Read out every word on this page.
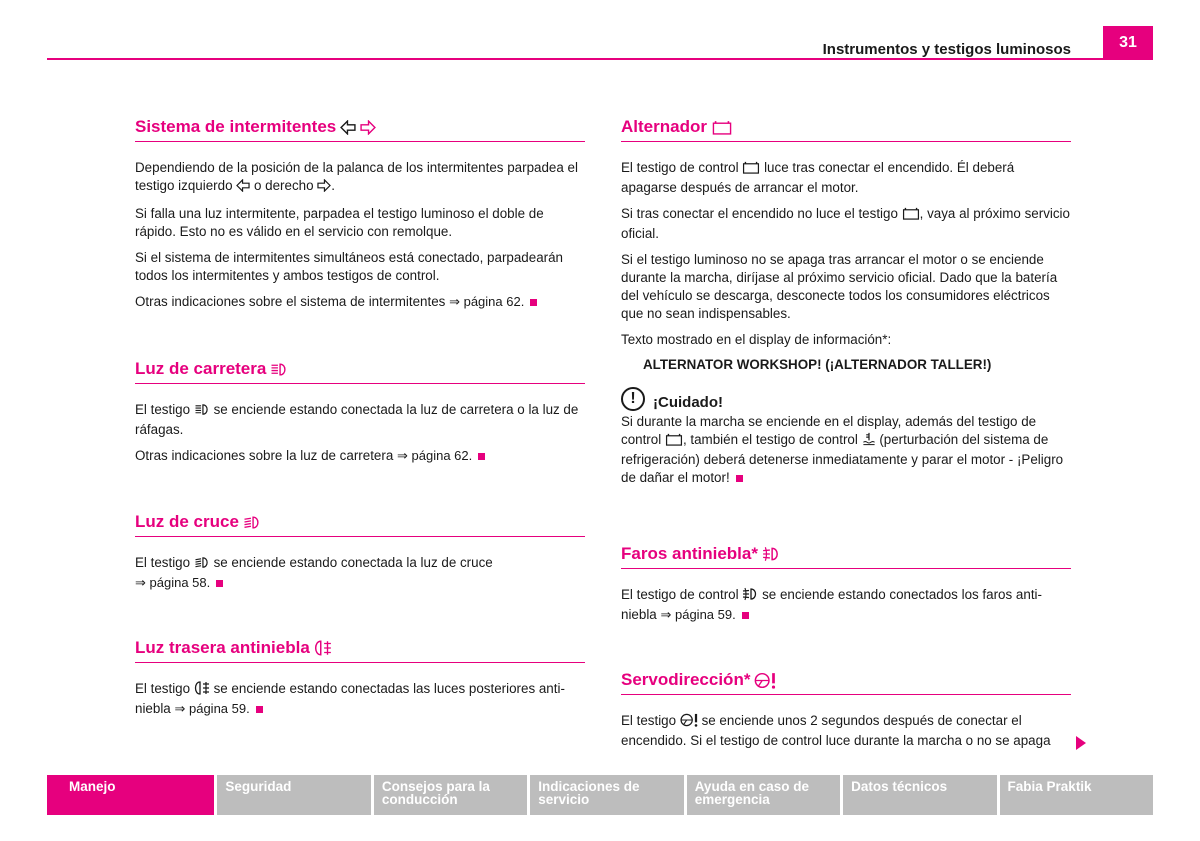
Instrumentos y testigos luminosos	31
Sistema de intermitentes

Dependiendo de la posición de la palanca de los intermitentes parpadea el testigo izquierdo o derecho .

Si falla una luz intermitente, parpadea el testigo luminoso el doble de rápido. Esto no es válido en el servicio con remolque.

Si el sistema de intermitentes simultáneos está conectado, parpadearán todos los intermitentes y ambos testigos de control.

Otras indicaciones sobre el sistema de intermitentes ⇒ página 62.

Luz de carretera

El testigo se enciende estando conectada la luz de carretera o la luz de ráfagas.

Otras indicaciones sobre la luz de carretera ⇒ página 62.

Luz de cruce

El testigo se enciende estando conectada la luz de cruce
⇒ página 58.

Luz trasera antiniebla

El testigo se enciende estando conectadas las luces posteriores anti-niebla ⇒ página 59.

Alternador

El testigo de control luce tras conectar el encendido. Él deberá apagarse después de arrancar el motor.

Si tras conectar el encendido no luce el testigo , vaya al próximo servicio oficial.

Si el testigo luminoso no se apaga tras arrancar el motor o se enciende durante la marcha, diríjase al próximo servicio oficial. Dado que la batería del vehículo se descarga, desconecte todos los consumidores eléctricos que no sean indispensables.

Texto mostrado en el display de información*:

ALTERNATOR WORKSHOP! (¡ALTERNADOR TALLER!)
!	¡Cuidado!

Si durante la marcha se enciende en el display, además del testigo de control , también el testigo de control (perturbación del sistema de refrigeración) deberá detenerse inmediatamente y parar el motor - ¡Peligro de dañar el motor!

Faros antiniebla*

El testigo de control se enciende estando conectados los faros anti-niebla ⇒ página 59.

Servodirección*

El testigo se enciende unos 2 segundos después de conectar el encendido. Si el testigo de control luce durante la marcha o no se apaga

Manejo	Seguridad	Consejos para la conducción
Indicaciones de servicio
Ayuda en caso de emergencia
Datos técnicos	Fabia Praktik
